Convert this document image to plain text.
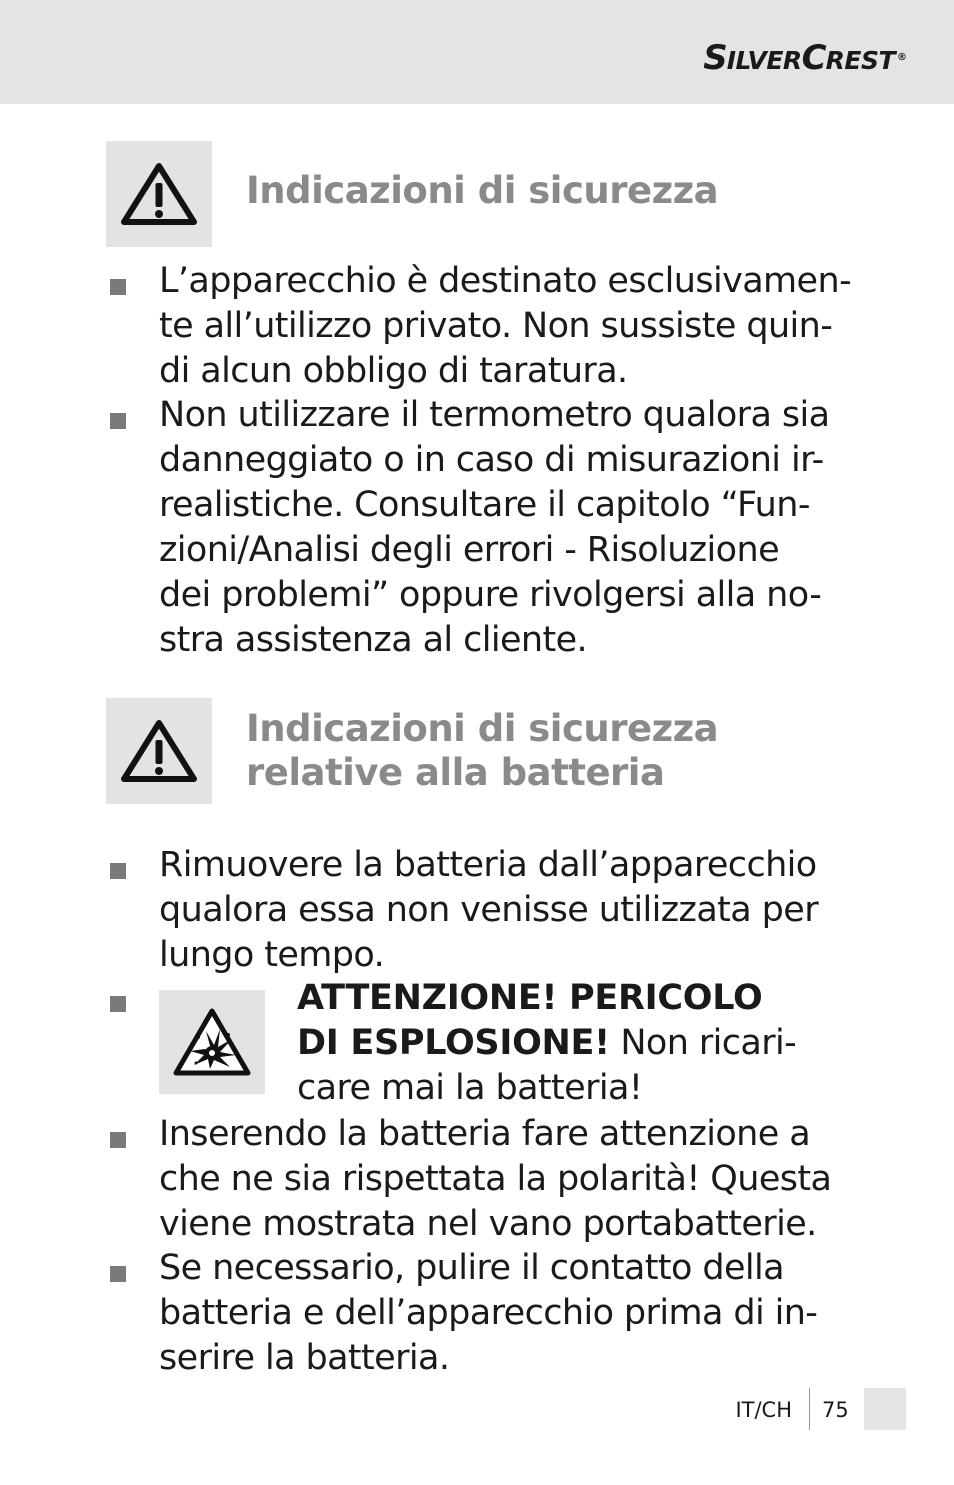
SILVERCREST ®
Indicazioni di sicurezza

L’apparecchio è destinato esclusivamen-
te all’utilizzo privato. Non sussiste quin-
di alcun obbligo di taratura.

Non utilizzare il termometro qualora sia
danneggiato o in caso di misurazioni ir-
realistiche. Consultare il capitolo “Fun-
zioni/Analisi degli errori - Risoluzione
dei problemi” oppure rivolgersi alla no-
stra assistenza al cliente.

Indicazioni di sicurezza
relative alla batteria

Rimuovere la batteria dall’apparecchio
qualora essa non venisse utilizzata per
lungo tempo.

ATTENZIONE! PERICOLO
DI ESPLOSIONE! Non ricari-
care mai la batteria!

Inserendo la batteria fare attenzione a
che ne sia rispettata la polarità! Questa
viene mostrata nel vano portabatterie.

Se necessario, pulire il contatto della
batteria e dell’apparecchio prima di in-
serire la batteria.

IT/CH 75
